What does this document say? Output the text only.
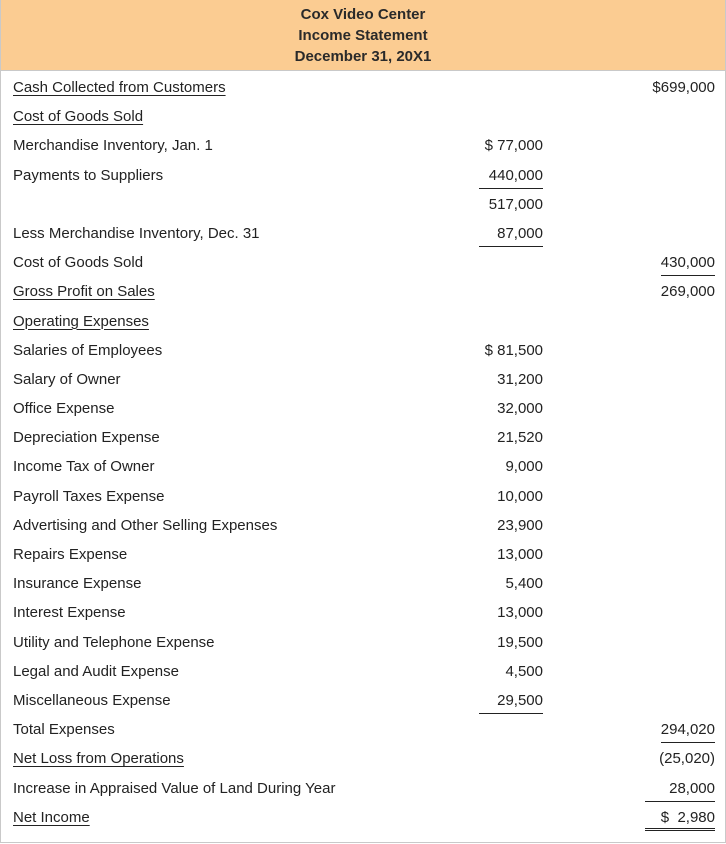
Cox Video Center
Income Statement
December 31, 20X1
Cash Collected from Customers	$699,000
Cost of Goods Sold
Merchandise Inventory, Jan. 1	$ 77,000
Payments to Suppliers	440,000
517,000
Less Merchandise Inventory, Dec. 31	87,000
Cost of Goods Sold	430,000
Gross Profit on Sales	269,000
Operating Expenses
Salaries of Employees	$ 81,500
Salary of Owner	31,200
Office Expense	32,000
Depreciation Expense	21,520
Income Tax of Owner	9,000
Payroll Taxes Expense	10,000
Advertising and Other Selling Expenses	23,900
Repairs Expense	13,000
Insurance Expense	5,400
Interest Expense	13,000
Utility and Telephone Expense	19,500
Legal and Audit Expense	4,500
Miscellaneous Expense	29,500
Total Expenses	294,020
Net Loss from Operations	(25,020)
Increase in Appraised Value of Land During Year	28,000
Net Income	$  2,980
